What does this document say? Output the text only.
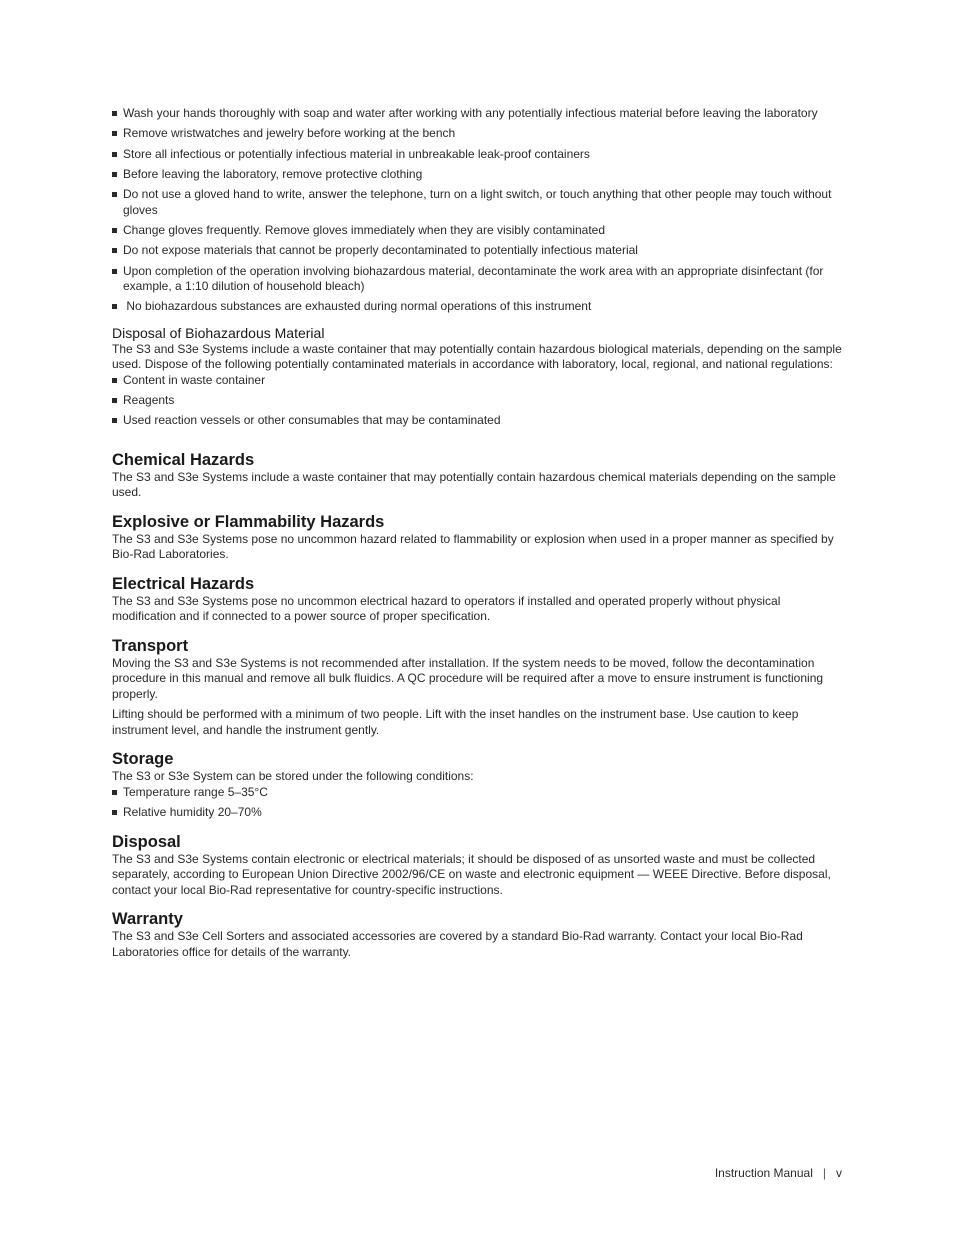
Wash your hands thoroughly with soap and water after working with any potentially infectious material before leaving the laboratory
Remove wristwatches and jewelry before working at the bench
Store all infectious or potentially infectious material in unbreakable leak-proof containers
Before leaving the laboratory, remove protective clothing
Do not use a gloved hand to write, answer the telephone, turn on a light switch, or touch anything that other people may touch without gloves
Change gloves frequently. Remove gloves immediately when they are visibly contaminated
Do not expose materials that cannot be properly decontaminated to potentially infectious material
Upon completion of the operation involving biohazardous material, decontaminate the work area with an appropriate disinfectant (for example, a 1:10 dilution of household bleach)
No biohazardous substances are exhausted during normal operations of this instrument
Disposal of Biohazardous Material

The S3 and S3e Systems include a waste container that may potentially contain hazardous biological materials, depending on the sample used. Dispose of the following potentially contaminated materials in accordance with laboratory, local, regional, and national regulations:

Content in waste container
Reagents
Used reaction vessels or other consumables that may be contaminated
Chemical Hazards

The S3 and S3e Systems include a waste container that may potentially contain hazardous chemical materials depending on the sample used.

Explosive or Flammability Hazards

The S3 and S3e Systems pose no uncommon hazard related to flammability or explosion when used in a proper manner as specified by Bio-Rad Laboratories.

Electrical Hazards

The S3 and S3e Systems pose no uncommon electrical hazard to operators if installed and operated properly without physical modification and if connected to a power source of proper specification.

Transport

Moving the S3 and S3e Systems is not recommended after installation. If the system needs to be moved, follow the decontamination procedure in this manual and remove all bulk fluidics. A QC procedure will be required after a move to ensure instrument is functioning properly.

Lifting should be performed with a minimum of two people. Lift with the inset handles on the instrument base. Use caution to keep instrument level, and handle the instrument gently.

Storage

The S3 or S3e System can be stored under the following conditions:

Temperature range 5–35°C
Relative humidity 20–70%
Disposal

The S3 and S3e Systems contain electronic or electrical materials; it should be disposed of as unsorted waste and must be collected separately, according to European Union Directive 2002/96/CE on waste and electronic equipment — WEEE Directive. Before disposal, contact your local Bio-Rad representative for country-specific instructions.

Warranty

The S3 and S3e Cell Sorters and associated accessories are covered by a standard Bio-Rad warranty. Contact your local Bio-Rad Laboratories office for details of the warranty.

Instruction Manual | v
